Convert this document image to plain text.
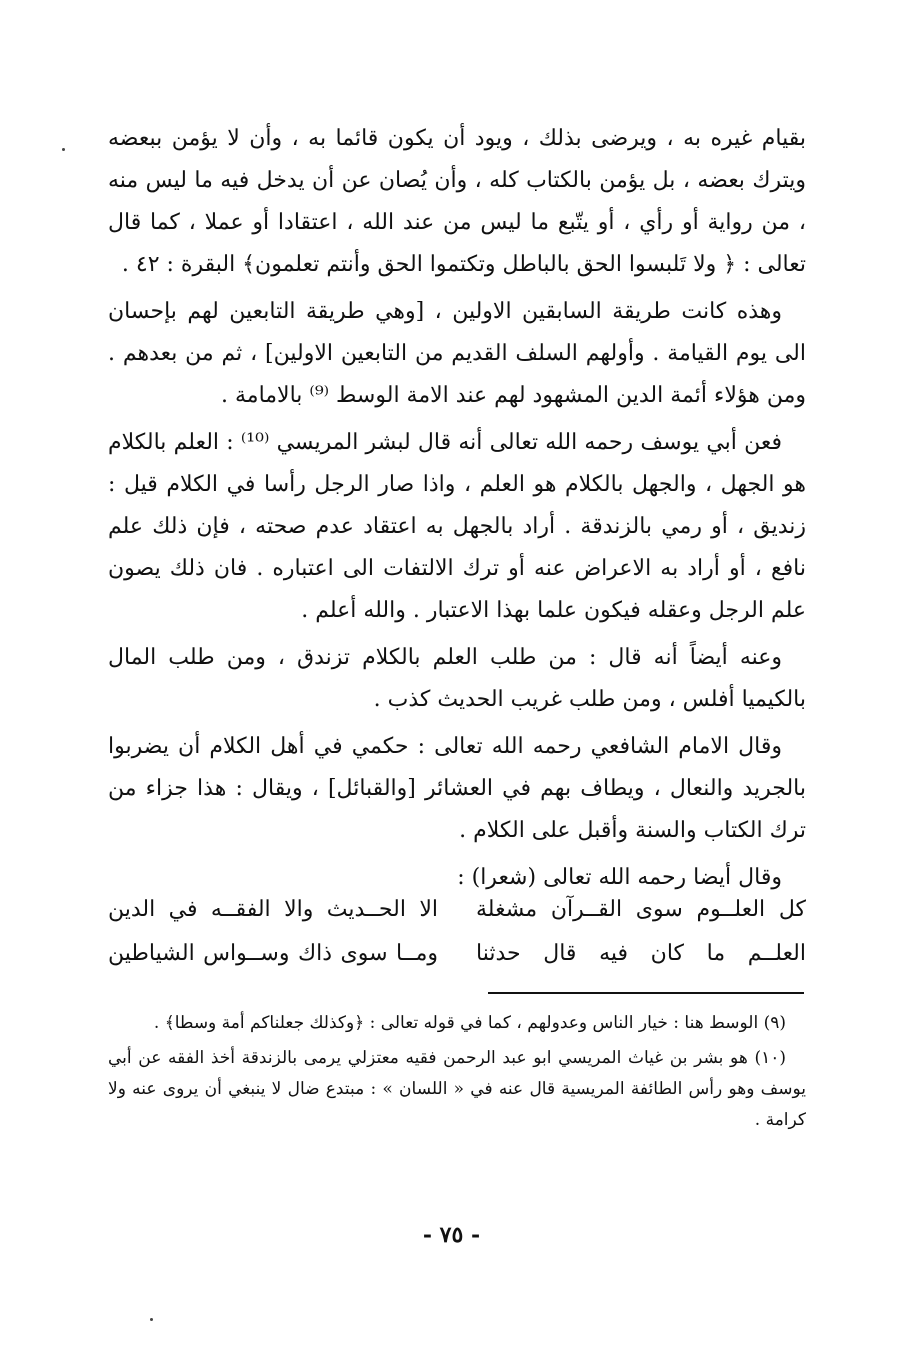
بقيام غيره به ، ويرضى بذلك ، ويود أن يكون قائما به ، وأن لا يؤمن ببعضه ويترك بعضه ، بل يؤمن بالكتاب كله ، وأن يُصان عن أن يدخل فيه ما ليس منه ، من رواية أو رأي ، أو يتّبع ما ليس من عند الله ، اعتقادا أو عملا ، كما قال تعالى : ﴿ ولا تَلبسوا الحق بالباطل وتكتموا الحق وأنتم تعلمون﴾ البقرة : ٤٢ .

وهذه كانت طريقة السابقين الاولين ، [وهي طريقة التابعين لهم بإحسان الى يوم القيامة . وأولهم السلف القديم من التابعين الاولين] ، ثم من بعدهم . ومن هؤلاء أئمة الدين المشهود لهم عند الامة الوسط ⁽⁹⁾ بالامامة .

فعن أبي يوسف رحمه الله تعالى أنه قال لبشر المريسي ⁽¹⁰⁾ : العلم بالكلام هو الجهل ، والجهل بالكلام هو العلم ، واذا صار الرجل رأسا في الكلام قيل : زنديق ، أو رمي بالزندقة . أراد بالجهل به اعتقاد عدم صحته ، فإن ذلك علم نافع ، أو أراد به الاعراض عنه أو ترك الالتفات الى اعتباره . فان ذلك يصون علم الرجل وعقله فيكون علما بهذا الاعتبار . والله أعلم .

وعنه أيضاً أنه قال : من طلب العلم بالكلام تزندق ، ومن طلب المال بالكيميا أفلس ، ومن طلب غريب الحديث كذب .

وقال الامام الشافعي رحمه الله تعالى : حكمي في أهل الكلام أن يضربوا بالجريد والنعال ، ويطاف بهم في العشائر [والقبائل] ، ويقال : هذا جزاء من ترك الكتاب والسنة وأقبل على الكلام .

وقال أيضا رحمه الله تعالى (شعرا) :

كل العلــوم سوى القــرآن مشغلة
الا الحــديث والا الفقــه في الدين
العلــم ما كان فيه قال حدثنا
ومــا سوى ذاك وســواس الشياطين

(٩) الوسط هنا : خيار الناس وعدولهم ، كما في قوله تعالى : ﴿وكذلك جعلناكم أمة وسطا﴾ .

(١٠) هو بشر بن غياث المريسي ابو عبد الرحمن فقيه معتزلي يرمى بالزندقة أخذ الفقه عن أبي يوسف وهو رأس الطائفة المريسية قال عنه في « اللسان » : مبتدع ضال لا ينبغي أن يروى عنه ولا كرامة .

- ٧٥ -
